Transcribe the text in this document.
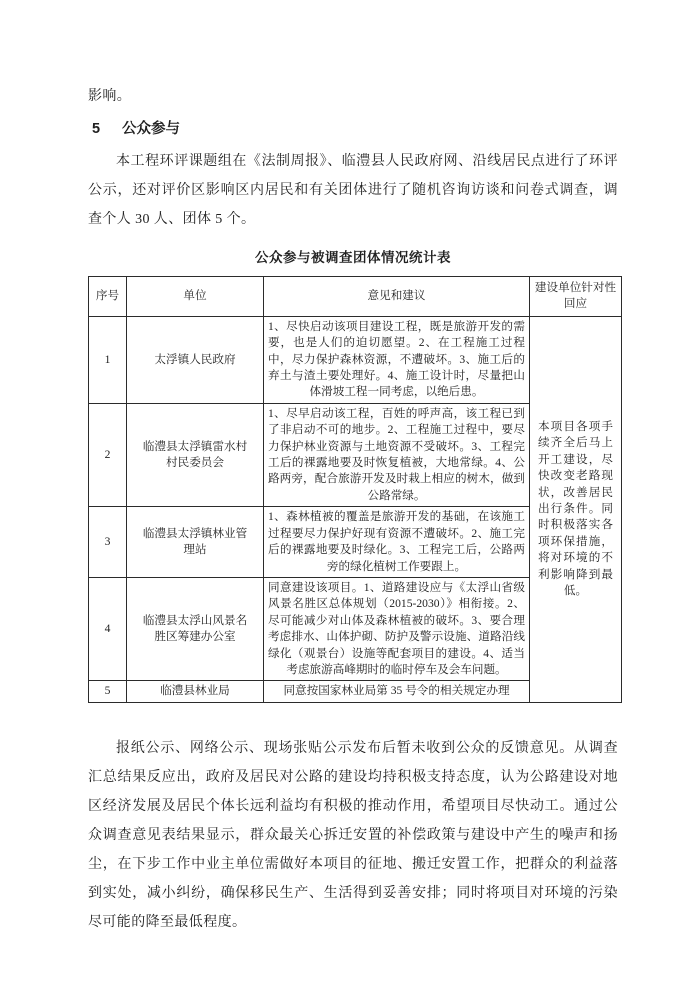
影响。

5 公众参与

本工程环评课题组在《法制周报》、临澧县人民政府网、沿线居民点进行了环评公示，还对评价区影响区内居民和有关团体进行了随机咨询访谈和问卷式调查，调查个人 30 人、团体 5 个。

公众参与被调查团体情况统计表
序号	单位	意见和建议	建设单位针对性回应
1	太浮镇人民政府	1、尽快启动该项目建设工程，既是旅游开发的需要，也是人们的迫切愿望。2、在工程施工过程中，尽力保护森林资源，不遭破坏。3、施工后的弃土与渣土要处理好。4、施工设计时，尽量把山体滑坡工程一同考虑，以绝后患。	本项目各项手续齐全后马上开工建设，尽快改变老路现状，改善居民出行条件。同时积极落实各项环保措施，将对环境的不利影响降到最低。
2	临澧县太浮镇雷水村村民委员会	1、尽早启动该工程，百姓的呼声高，该工程已到了非启动不可的地步。2、工程施工过程中，要尽力保护林业资源与土地资源不受破坏。3、工程完工后的裸露地要及时恢复植被，大地常绿。4、公路两旁，配合旅游开发及时栽上相应的树木，做到公路常绿。	
3	临澧县太浮镇林业管理站	1、森林植被的覆盖是旅游开发的基础，在该施工过程要尽力保护好现有资源不遭破坏。2、施工完后的裸露地要及时绿化。3、工程完工后，公路两旁的绿化植树工作要跟上。	
4	临澧县太浮山风景名胜区筹建办公室	同意建设该项目。1、道路建设应与《太浮山省级风景名胜区总体规划（2015-2030）》相衔接。2、尽可能减少对山体及森林植被的破坏。3、要合理考虑排水、山体护砌、防护及警示设施、道路沿线绿化（观景台）设施等配套项目的建设。4、适当考虑旅游高峰期时的临时停车及会车问题。	
5	临澧县林业局	同意按国家林业局第 35 号令的相关规定办理	

报纸公示、网络公示、现场张贴公示发布后暂未收到公众的反馈意见。从调查汇总结果反应出，政府及居民对公路的建设均持积极支持态度，认为公路建设对地区经济发展及居民个体长远利益均有积极的推动作用，希望项目尽快动工。通过公众调查意见表结果显示，群众最关心拆迁安置的补偿政策与建设中产生的噪声和扬尘，在下步工作中业主单位需做好本项目的征地、搬迁安置工作，把群众的利益落到实处，减小纠纷，确保移民生产、生活得到妥善安排；同时将项目对环境的污染尽可能的降至最低程度。
